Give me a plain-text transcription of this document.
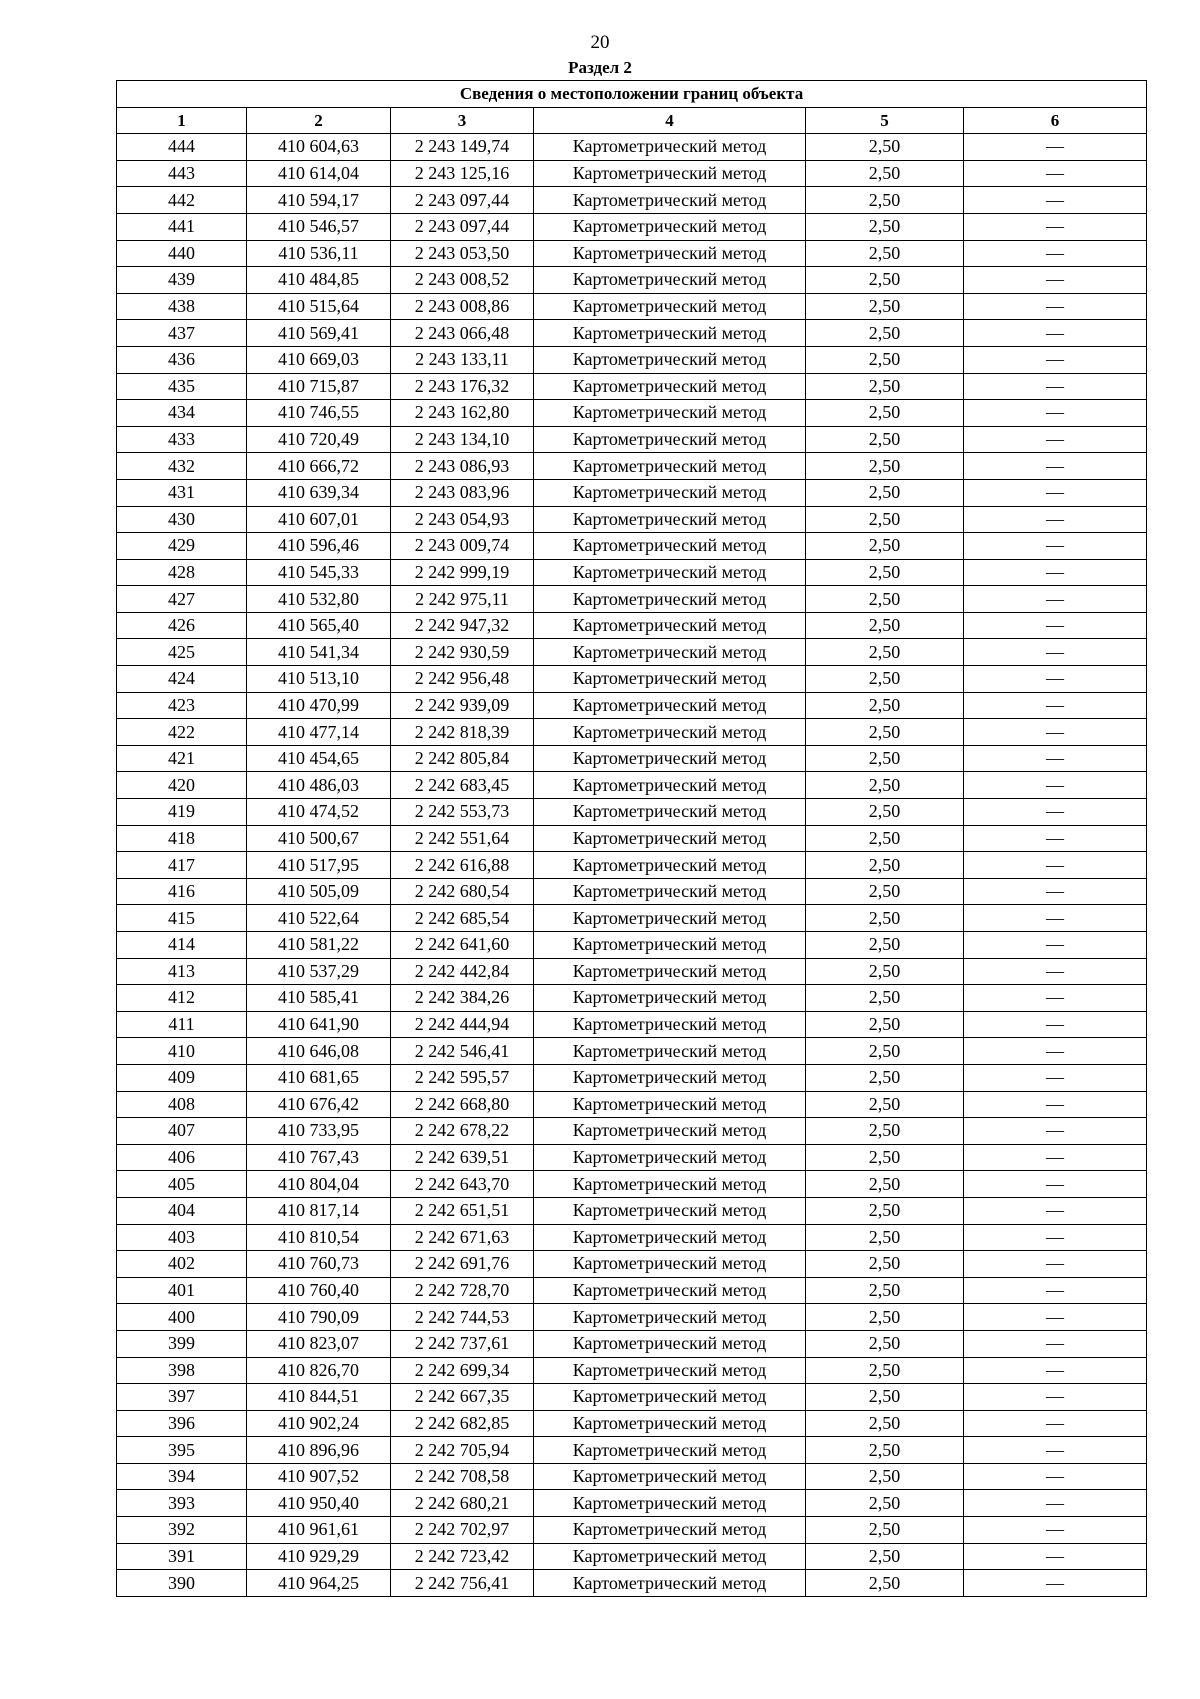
20
Раздел 2
Сведения о местоположении границ объекта					
1	2	3	4	5	6
444	410 604,63	2 243 149,74	Картометрический метод	2,50	—
443	410 614,04	2 243 125,16	Картометрический метод	2,50	—
442	410 594,17	2 243 097,44	Картометрический метод	2,50	—
441	410 546,57	2 243 097,44	Картометрический метод	2,50	—
440	410 536,11	2 243 053,50	Картометрический метод	2,50	—
439	410 484,85	2 243 008,52	Картометрический метод	2,50	—
438	410 515,64	2 243 008,86	Картометрический метод	2,50	—
437	410 569,41	2 243 066,48	Картометрический метод	2,50	—
436	410 669,03	2 243 133,11	Картометрический метод	2,50	—
435	410 715,87	2 243 176,32	Картометрический метод	2,50	—
434	410 746,55	2 243 162,80	Картометрический метод	2,50	—
433	410 720,49	2 243 134,10	Картометрический метод	2,50	—
432	410 666,72	2 243 086,93	Картометрический метод	2,50	—
431	410 639,34	2 243 083,96	Картометрический метод	2,50	—
430	410 607,01	2 243 054,93	Картометрический метод	2,50	—
429	410 596,46	2 243 009,74	Картометрический метод	2,50	—
428	410 545,33	2 242 999,19	Картометрический метод	2,50	—
427	410 532,80	2 242 975,11	Картометрический метод	2,50	—
426	410 565,40	2 242 947,32	Картометрический метод	2,50	—
425	410 541,34	2 242 930,59	Картометрический метод	2,50	—
424	410 513,10	2 242 956,48	Картометрический метод	2,50	—
423	410 470,99	2 242 939,09	Картометрический метод	2,50	—
422	410 477,14	2 242 818,39	Картометрический метод	2,50	—
421	410 454,65	2 242 805,84	Картометрический метод	2,50	—
420	410 486,03	2 242 683,45	Картометрический метод	2,50	—
419	410 474,52	2 242 553,73	Картометрический метод	2,50	—
418	410 500,67	2 242 551,64	Картометрический метод	2,50	—
417	410 517,95	2 242 616,88	Картометрический метод	2,50	—
416	410 505,09	2 242 680,54	Картометрический метод	2,50	—
415	410 522,64	2 242 685,54	Картометрический метод	2,50	—
414	410 581,22	2 242 641,60	Картометрический метод	2,50	—
413	410 537,29	2 242 442,84	Картометрический метод	2,50	—
412	410 585,41	2 242 384,26	Картометрический метод	2,50	—
411	410 641,90	2 242 444,94	Картометрический метод	2,50	—
410	410 646,08	2 242 546,41	Картометрический метод	2,50	—
409	410 681,65	2 242 595,57	Картометрический метод	2,50	—
408	410 676,42	2 242 668,80	Картометрический метод	2,50	—
407	410 733,95	2 242 678,22	Картометрический метод	2,50	—
406	410 767,43	2 242 639,51	Картометрический метод	2,50	—
405	410 804,04	2 242 643,70	Картометрический метод	2,50	—
404	410 817,14	2 242 651,51	Картометрический метод	2,50	—
403	410 810,54	2 242 671,63	Картометрический метод	2,50	—
402	410 760,73	2 242 691,76	Картометрический метод	2,50	—
401	410 760,40	2 242 728,70	Картометрический метод	2,50	—
400	410 790,09	2 242 744,53	Картометрический метод	2,50	—
399	410 823,07	2 242 737,61	Картометрический метод	2,50	—
398	410 826,70	2 242 699,34	Картометрический метод	2,50	—
397	410 844,51	2 242 667,35	Картометрический метод	2,50	—
396	410 902,24	2 242 682,85	Картометрический метод	2,50	—
395	410 896,96	2 242 705,94	Картометрический метод	2,50	—
394	410 907,52	2 242 708,58	Картометрический метод	2,50	—
393	410 950,40	2 242 680,21	Картометрический метод	2,50	—
392	410 961,61	2 242 702,97	Картометрический метод	2,50	—
391	410 929,29	2 242 723,42	Картометрический метод	2,50	—
390	410 964,25	2 242 756,41	Картометрический метод	2,50	—
